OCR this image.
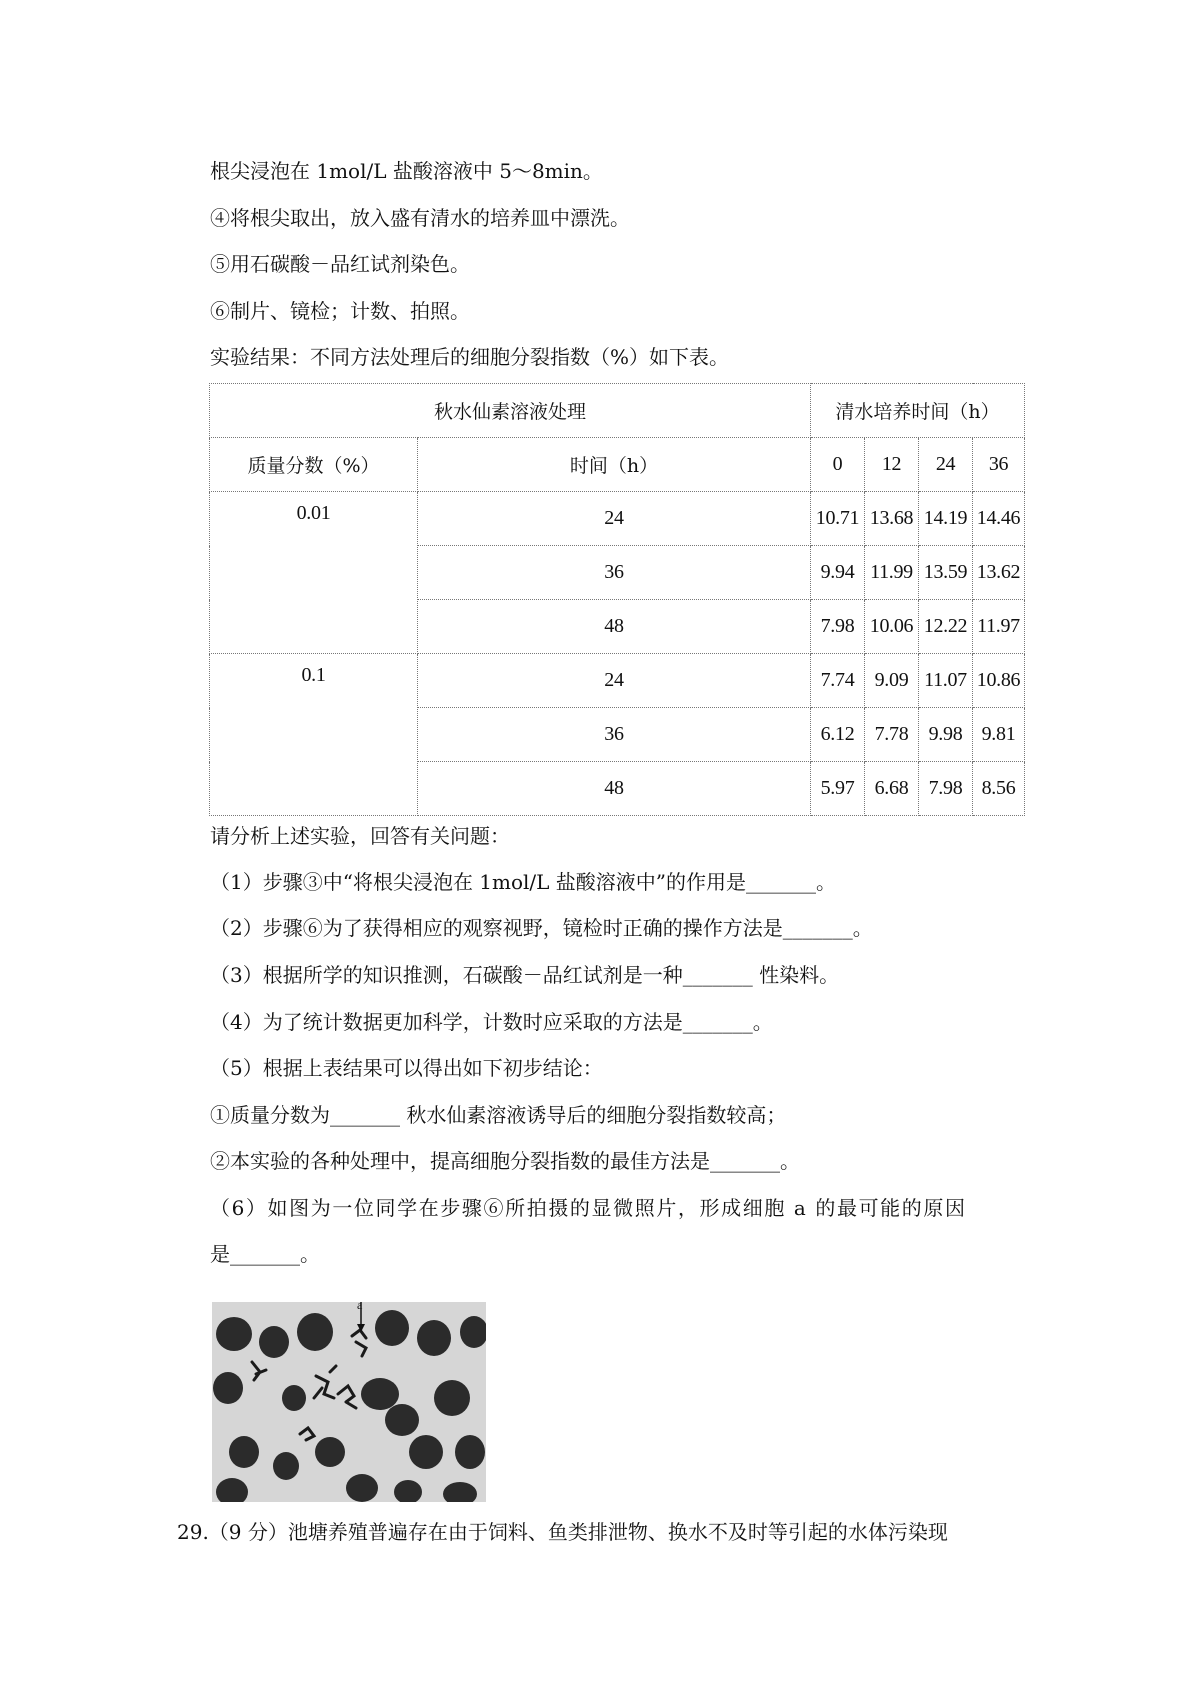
根尖浸泡在 1mol/L 盐酸溶液中 5～8min。
④将根尖取出，放入盛有清水的培养皿中漂洗。
⑤用石碳酸－品红试剂染色。
⑥制片、镜检；计数、拍照。
实验结果：不同方法处理后的细胞分裂指数（%）如下表。
秋水仙素溶液处理		清水培养时间（h）			
质量分数（%）	时间（h）	0	12	24	36
0.01	24	10.71	13.68	14.19	14.46
	36	9.94	11.99	13.59	13.62
	48	7.98	10.06	12.22	11.97
0.1	24	7.74	9.09	11.07	10.86
	36	6.12	7.78	9.98	9.81
	48	5.97	6.68	7.98	8.56
请分析上述实验，回答有关问题：
（1）步骤③中“将根尖浸泡在 1mol/L 盐酸溶液中”的作用是_______。
（2）步骤⑥为了获得相应的观察视野，镜检时正确的操作方法是_______。
（3）根据所学的知识推测，石碳酸－品红试剂是一种_______ 性染料。
（4）为了统计数据更加科学，计数时应采取的方法是_______。
（5）根据上表结果可以得出如下初步结论：
①质量分数为_______ 秋水仙素溶液诱导后的细胞分裂指数较高；
②本实验的各种处理中，提高细胞分裂指数的最佳方法是_______。
（6）如图为一位同学在步骤⑥所拍摄的显微照片，形成细胞 a 的最可能的原因
是_______。
a
29.（9 分）池塘养殖普遍存在由于饲料、鱼类排泄物、换水不及时等引起的水体污染现
